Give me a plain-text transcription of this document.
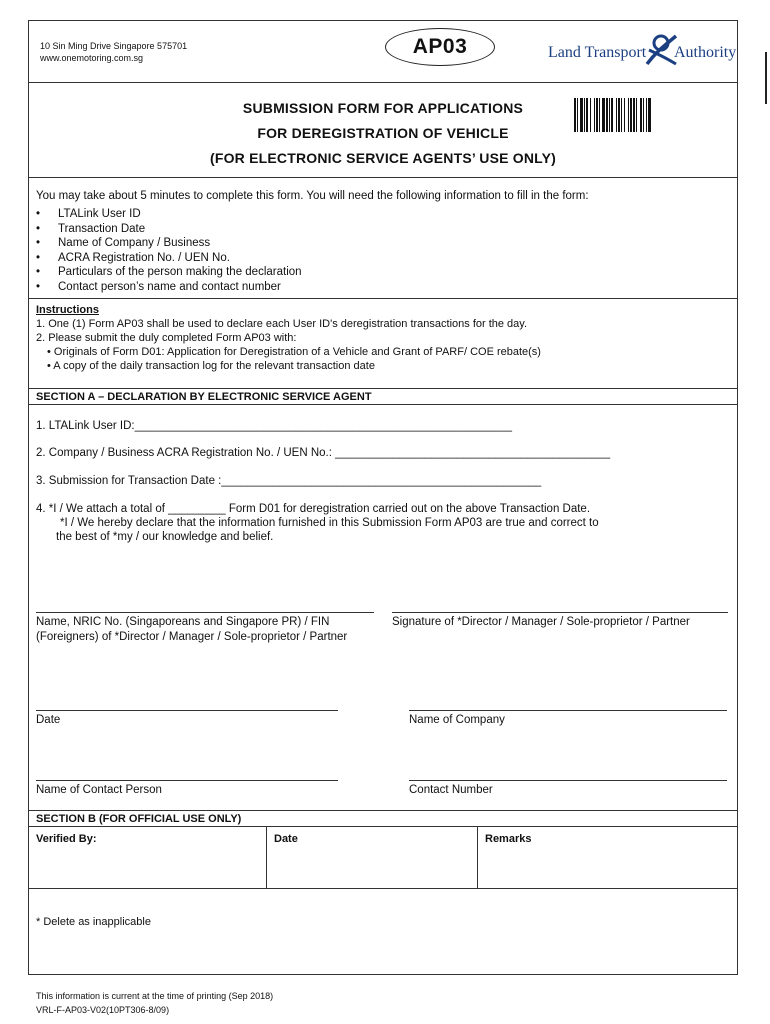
10 Sin Ming Drive Singapore 575701
www.onemotoring.com.sg	AP03	Land Transport Authority
SUBMISSION FORM FOR APPLICATIONS
FOR DEREGISTRATION OF VEHICLE
(FOR ELECTRONIC SERVICE AGENTS’ USE ONLY)
You may take about 5 minutes to complete this form. You will need the following information to fill in the form:
• LTALink User ID
• Transaction Date
• Name of Company / Business
• ACRA Registration No. / UEN No.
• Particulars of the person making the declaration
• Contact person’s name and contact number
Instructions
1. One (1) Form AP03 shall be used to declare each User ID's deregistration transactions for the day.
2. Please submit the duly completed Form AP03 with:
• Originals of Form D01: Application for Deregistration of a Vehicle and Grant of PARF/ COE rebate(s)
• A copy of the daily transaction log for the relevant transaction date
SECTION A – DECLARATION BY ELECTRONIC SERVICE AGENT
1. LTALink User ID:___________________________________________________________
2. Company / Business ACRA Registration No. / UEN No.: ___________________________________________
3. Submission for Transaction Date :__________________________________________________
4. *I / We attach a total of _________ Form D01 for deregistration carried out on the above Transaction Date.
*I / We hereby declare that the information furnished in this Submission Form AP03 are true and correct to
the best of *my / our knowledge and belief.
Name, NRIC No. (Singaporeans and Singapore PR) / FIN (Foreigners) of *Director / Manager / Sole-proprietor / Partner
Signature of *Director / Manager / Sole-proprietor / Partner
Date	Name of Company
Name of Contact Person	Contact Number
SECTION B (FOR OFFICIAL USE ONLY)
Verified By:	Date	Remarks
* Delete as inapplicable
This information is current at the time of printing (Sep 2018)
VRL-F-AP03-V02(10PT306-8/09)
